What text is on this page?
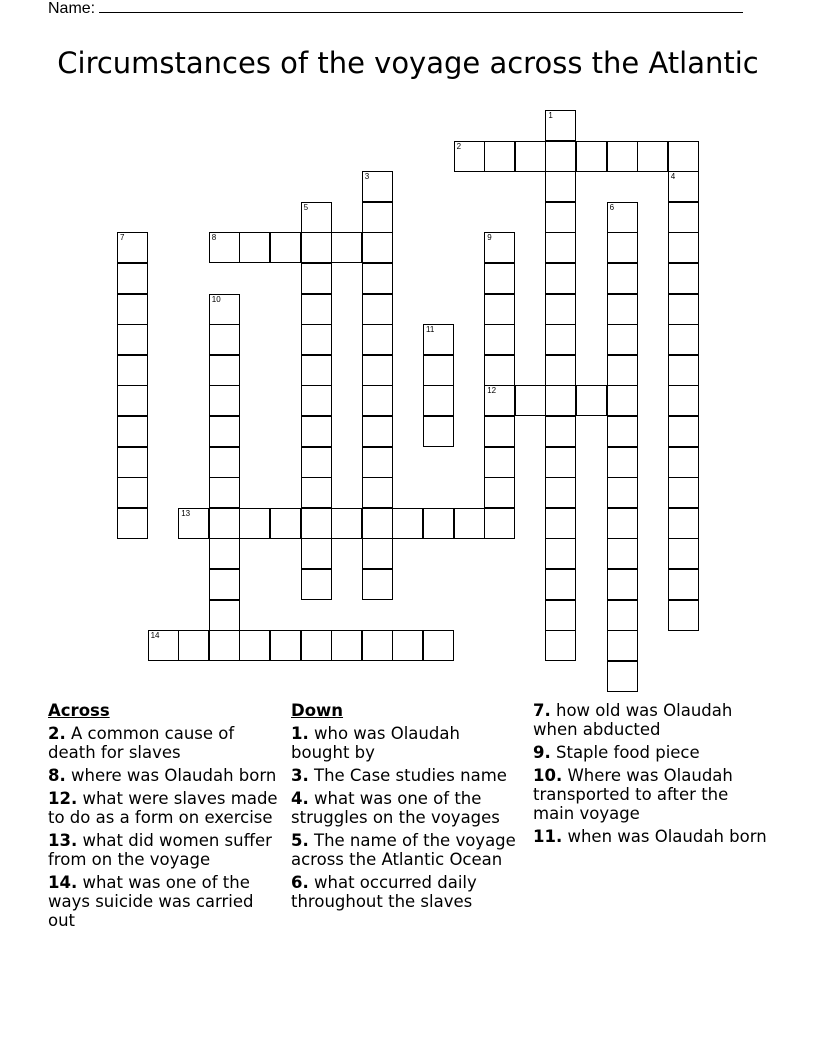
Name:
Circumstances of the voyage across the Atlantic
1
2
3	4
5	6
7	8	9
12
10
11
13
14
Across
2. A common cause of death for slaves
8. where was Olaudah born
12. what were slaves made to do as a form on exercise
13. what did women suffer from on the voyage
14. what was one of the ways suicide was carried out
Down
1. who was Olaudah bought by
3. The Case studies name
4. what was one of the struggles on the voyages
5. The name of the voyage across the Atlantic Ocean
6. what occurred daily throughout the slaves
7. how old was Olaudah when abducted
9. Staple food piece
10. Where was Olaudah transported to after the main voyage
11. when was Olaudah born
